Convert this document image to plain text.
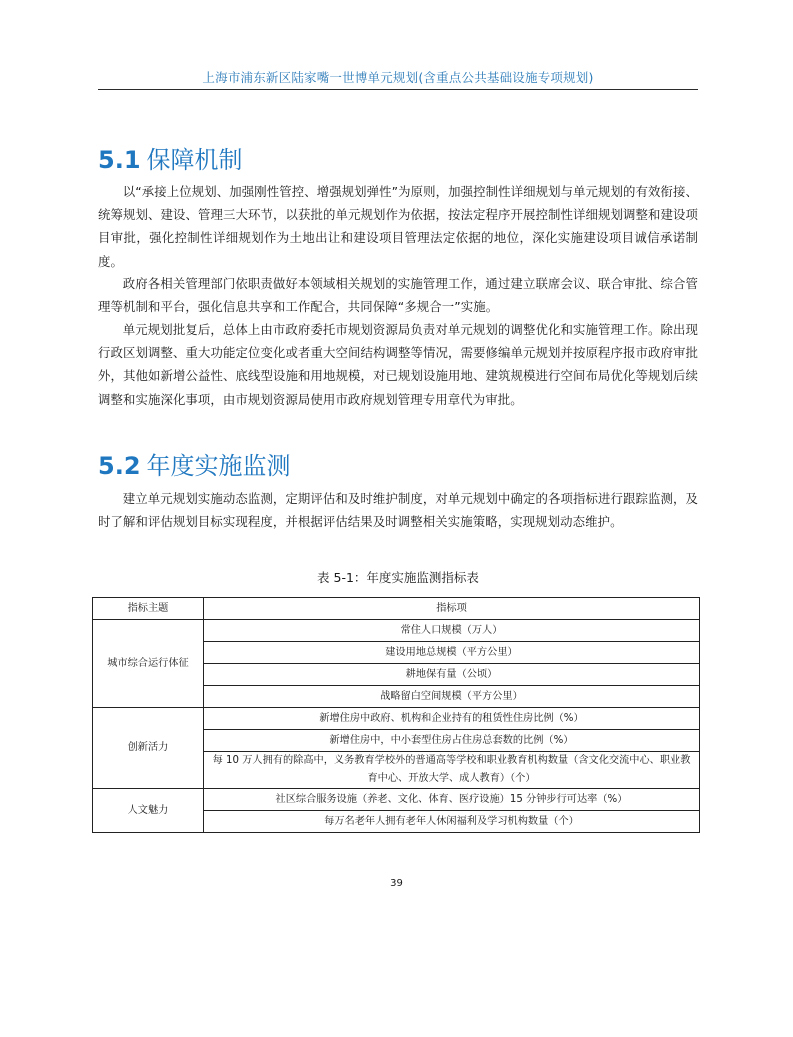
上海市浦东新区陆家嘴一世博单元规划(含重点公共基础设施专项规划)
5.1 保障机制

以“承接上位规划、加强刚性管控、增强规划弹性”为原则，加强控制性详细规划与单元规划的有效衔接、统筹规划、建设、管理三大环节，以获批的单元规划作为依据，按法定程序开展控制性详细规划调整和建设项目审批，强化控制性详细规划作为土地出让和建设项目管理法定依据的地位，深化实施建设项目诚信承诺制度。

政府各相关管理部门依职责做好本领域相关规划的实施管理工作，通过建立联席会议、联合审批、综合管理等机制和平台，强化信息共享和工作配合，共同保障“多规合一”实施。

单元规划批复后，总体上由市政府委托市规划资源局负责对单元规划的调整优化和实施管理工作。除出现行政区划调整、重大功能定位变化或者重大空间结构调整等情况，需要修编单元规划并按原程序报市政府审批外，其他如新增公益性、底线型设施和用地规模，对已规划设施用地、建筑规模进行空间布局优化等规划后续调整和实施深化事项，由市规划资源局使用市政府规划管理专用章代为审批。

5.2 年度实施监测

建立单元规划实施动态监测，定期评估和及时维护制度，对单元规划中确定的各项指标进行跟踪监测，及时了解和评估规划目标实现程度，并根据评估结果及时调整相关实施策略，实现规划动态维护。

表 5-1：年度实施监测指标表
指标主题	指标项
城市综合运行体征	常住人口规模（万人）
	建设用地总规模（平方公里）
	耕地保有量（公顷）
	战略留白空间规模（平方公里）
创新活力	新增住房中政府、机构和企业持有的租赁性住房比例（%）
	新增住房中，中小套型住房占住房总套数的比例（%）
	每 10 万人拥有的除高中，义务教育学校外的普通高等学校和职业教育机构数量（含文化交流中心、职业教育中心、开放大学、成人教育）（个）
人文魅力	社区综合服务设施（养老、文化、体育、医疗设施）15 分钟步行可达率（%）
	每万名老年人拥有老年人休闲福利及学习机构数量（个）
39
